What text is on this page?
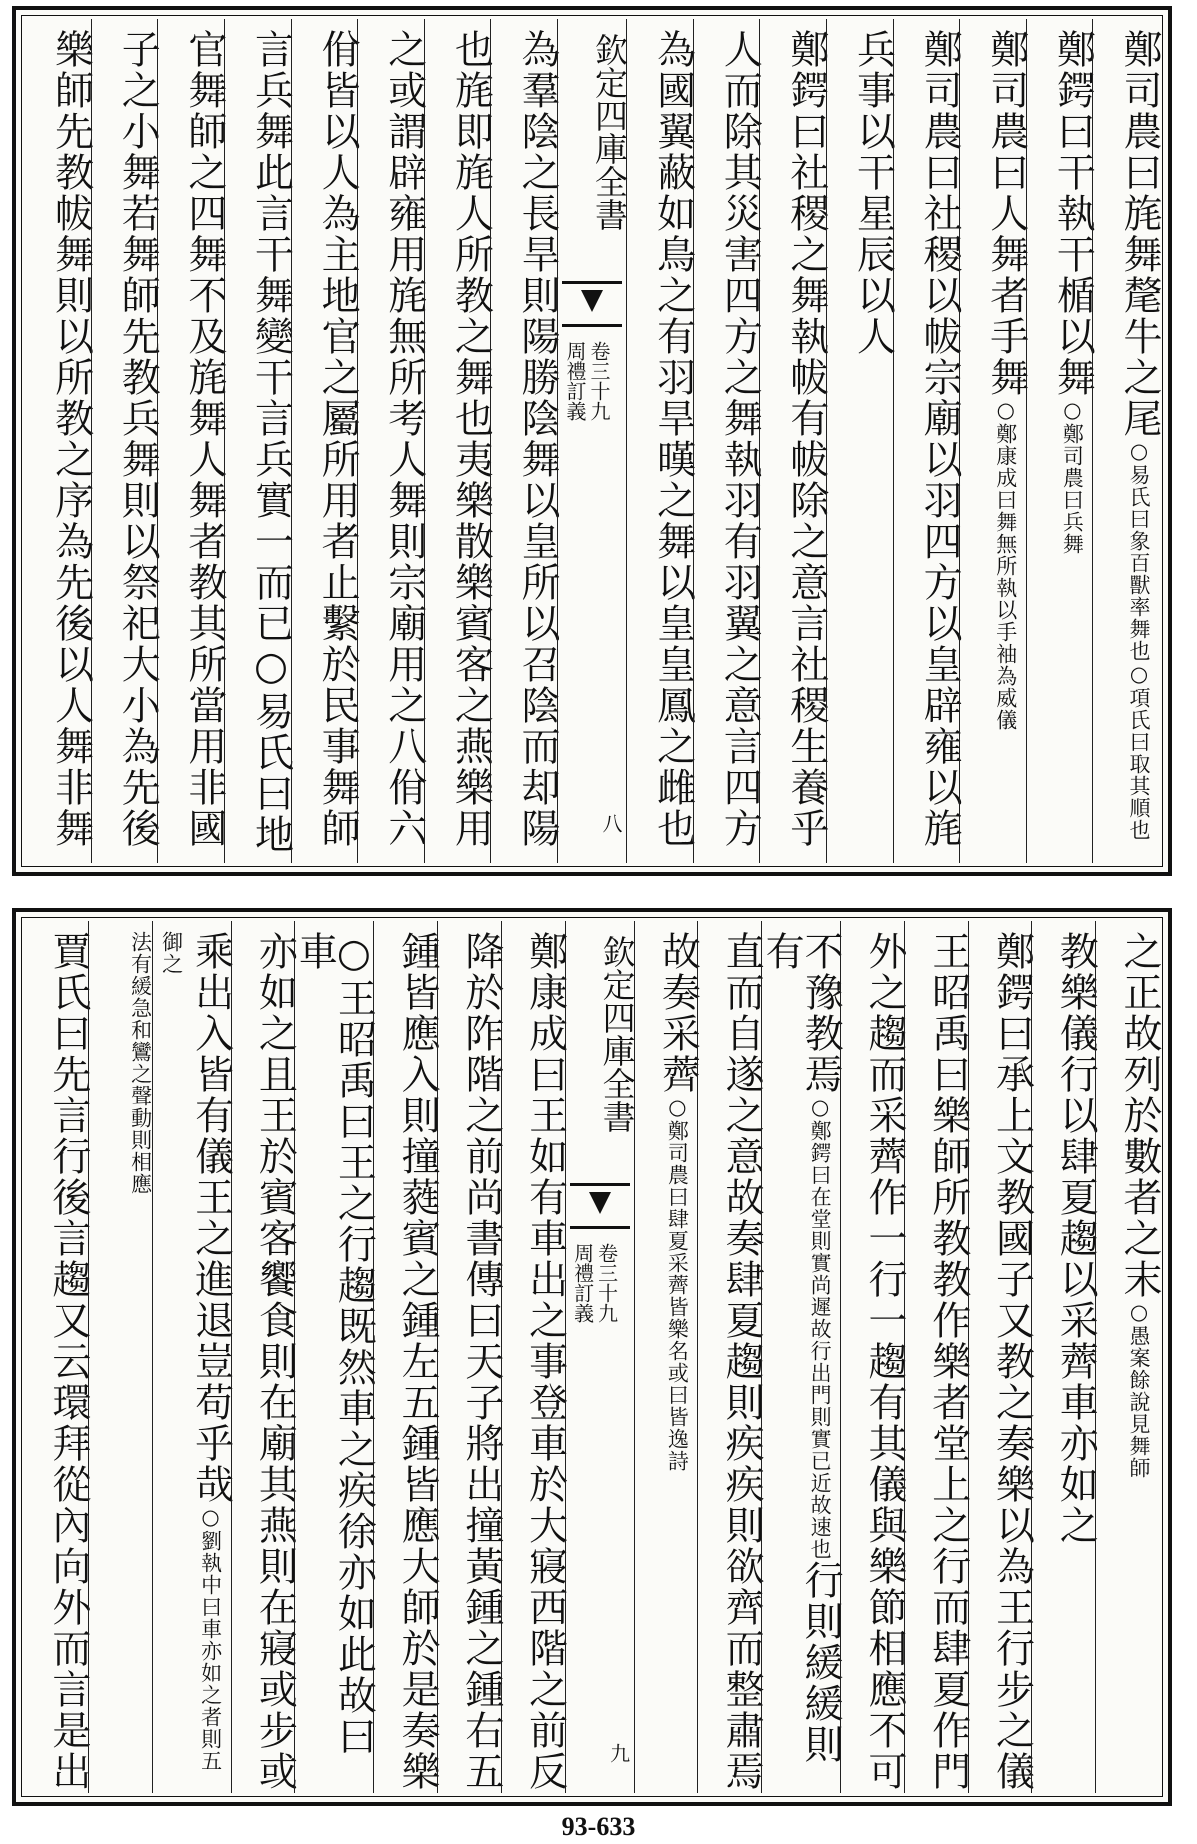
鄭司農曰旄舞氂牛之尾○易氏曰象百獸率舞也○項氏曰取其順也
鄭鍔曰干執干楯以舞○鄭司農曰兵舞
鄭司農曰人舞者手舞○鄭康成曰舞無所執以手袖為威儀
鄭司農曰社稷以帗宗廟以羽四方以皇辟雍以旄
兵事以干星辰以人
鄭鍔曰社稷之舞執帗有帗除之意言社稷生養乎
人而除其災害四方之舞執羽有羽翼之意言四方
為國翼蔽如鳥之有羽旱暵之舞以皇皇鳳之雌也
欽定四庫全書
周禮訂義 卷三十九
八
為羣陰之長旱則陽勝陰舞以皇所以召陰而却陽
也旄即旄人所教之舞也夷樂散樂賓客之燕樂用
之或謂辟雍用旄無所考人舞則宗廟用之八佾六
佾皆以人為主地官之屬所用者止繫於民事舞師
言兵舞此言干舞變干言兵實一而已○易氏曰地
官舞師之四舞不及旄舞人舞者教其所當用非國
子之小舞若舞師先教兵舞則以祭祀大小為先後
樂師先教帗舞則以所教之序為先後以人舞非舞
之正故列於數者之末○愚案餘說見舞師
教樂儀行以肆夏趨以采薺車亦如之
鄭鍔曰承上文教國子又教之奏樂以為王行步之儀
王昭禹曰樂師所教教作樂者堂上之行而肆夏作門
外之趨而采薺作一行一趨有其儀與樂節相應不可
不豫教焉○鄭鍔曰在堂則實尚遲故行出門則實已近故速也行則緩緩則有
直而自遂之意故奏肆夏趨則疾疾則欲齊而整肅焉
故奏采薺○鄭司農曰肆夏采薺皆樂名或曰皆逸詩
欽定四庫全書
周禮訂義 卷三十九
九
鄭康成曰王如有車出之事登車於大寢西階之前反
降於阼階之前尚書傳曰天子將出撞黃鍾之鍾右五
鍾皆應入則撞蕤賓之鍾左五鍾皆應大師於是奏樂
○王昭禹曰王之行趨既然車之疾徐亦如此故曰車
亦如之且王於賓客饗食則在廟其燕則在寢或步或
乘出入皆有儀王之進退豈苟乎哉○劉執中曰車亦如之者則五御之
法有緩急和鸞之聲動則相應
賈氏曰先言行後言趨又云環拜從內向外而言是出
93-633
